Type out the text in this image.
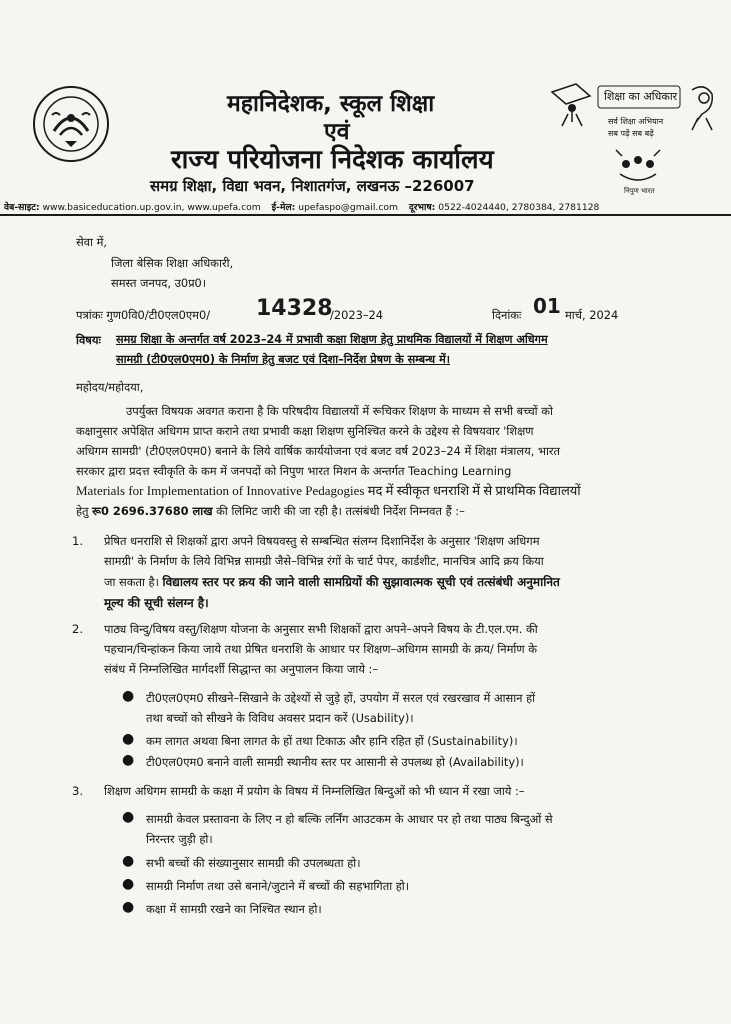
महानिदेशक, स्कूल शिक्षा
एवं
राज्य परियोजना निदेशक कार्यालय
समग्र शिक्षा, विद्या भवन, निशातगंज, लखनऊ –226007
शिक्षा का अधिकार
सर्व शिक्षा अभियान
सब पढ़ें सब बढ़ें
निपुण भारत
वेब-साइट: www.basiceducation.up.gov.in, www.upefa.com ई-मेल: upefaspo@gmail.com दूरभाष: 0522-4024440, 2780384, 2781128
सेवा में,
जिला बेसिक शिक्षा अधिकारी,
समस्त जनपद, उ0प्र0।
पत्रांकः गुण0वि0/टी0एल0एम0/ 14328
/2023–24	दिनांकः 01 मार्च, 2024
विषयः समग्र शिक्षा के अन्तर्गत वर्ष 2023–24 में प्रभावी कक्षा शिक्षण हेतु प्राथमिक विद्यालयों में शिक्षण अधिगम
सामग्री (टी0एल0एम0) के निर्माण हेतु बजट एवं दिशा–निर्देश प्रेषण के सम्बन्ध में।
महोदय/महोदया,
उपर्युक्त विषयक अवगत कराना है कि परिषदीय विद्यालयों में रूचिकर शिक्षण के माध्यम से सभी बच्चों को
कक्षानुसार अपेक्षित अधिगम प्राप्त कराने तथा प्रभावी कक्षा शिक्षण सुनिश्चित करने के उद्देश्य से विषयवार 'शिक्षण
अधिगम सामग्री' (टी0एल0एम0) बनाने के लिये वार्षिक कार्ययोजना एवं बजट वर्ष 2023–24 में शिक्षा मंत्रालय, भारत
सरकार द्वारा प्रदत्त स्वीकृति के कम में जनपदों को निपुण भारत मिशन के अन्तर्गत Teaching Learning
Materials for Implementation of Innovative Pedagogies मद में स्वीकृत धनराशि में से प्राथमिक विद्यालयों
हेतु रू0 2696.37680 लाख की लिमिट जारी की जा रही है। तत्संबंधी निर्देश निम्नवत हैं :–
1. प्रेषित धनराशि से शिक्षकों द्वारा अपने विषयवस्तु से सम्बन्धित संलग्न दिशानिर्देश के अनुसार 'शिक्षण अधिगम
सामग्री' के निर्माण के लिये विभिन्न सामग्री जैसे–विभिन्न रंगों के चार्ट पेपर, कार्डशीट, मानचित्र आदि क्रय किया
जा सकता है। विद्यालय स्तर पर क्रय की जाने वाली सामग्रियों की सुझावात्मक सूची एवं तत्संबंधी अनुमानित
मूल्य की सूची संलग्न है।
2. पाठ्य विन्दु/विषय वस्तु/शिक्षण योजना के अनुसार सभी शिक्षकों द्वारा अपने–अपने विषय के टी.एल.एम. की
पहचान/चिन्हांकन किया जाये तथा प्रेषित धनराशि के आधार पर शिक्षण–अधिगम सामग्री के क्रय/ निर्माण के
संबंध में निम्नलिखित मार्गदर्शी सिद्धान्त का अनुपालन किया जाये :–
● टी0एल0एम0 सीखने–सिखाने के उद्देश्यों से जुड़े हों, उपयोग में सरल एवं रखरखाव में आसान हों
तथा बच्चों को सीखने के विविध अवसर प्रदान करें (Usability)।
● कम लागत अथवा बिना लागत के हों तथा टिकाऊ और हानि रहित हों (Sustainability)।
● टी0एल0एम0 बनाने वाली सामग्री स्थानीय स्तर पर आसानी से उपलब्ध हो (Availability)।
3. शिक्षण अधिगम सामग्री के कक्षा में प्रयोग के विषय में निम्नलिखित बिन्दुओं को भी ध्यान में रखा जाये :–
● सामग्री केवल प्रस्तावना के लिए न हो बल्कि लर्निंग आउटकम के आधार पर हो तथा पाठ्य बिन्दुओं से
निरन्तर जुड़ी हो।
● सभी बच्चों की संख्यानुसार सामग्री की उपलब्धता हो।
● सामग्री निर्माण तथा उसे बनाने/जुटाने में बच्चों की सहभागिता हो।
● कक्षा में सामग्री रखने का निश्चित स्थान हो।
